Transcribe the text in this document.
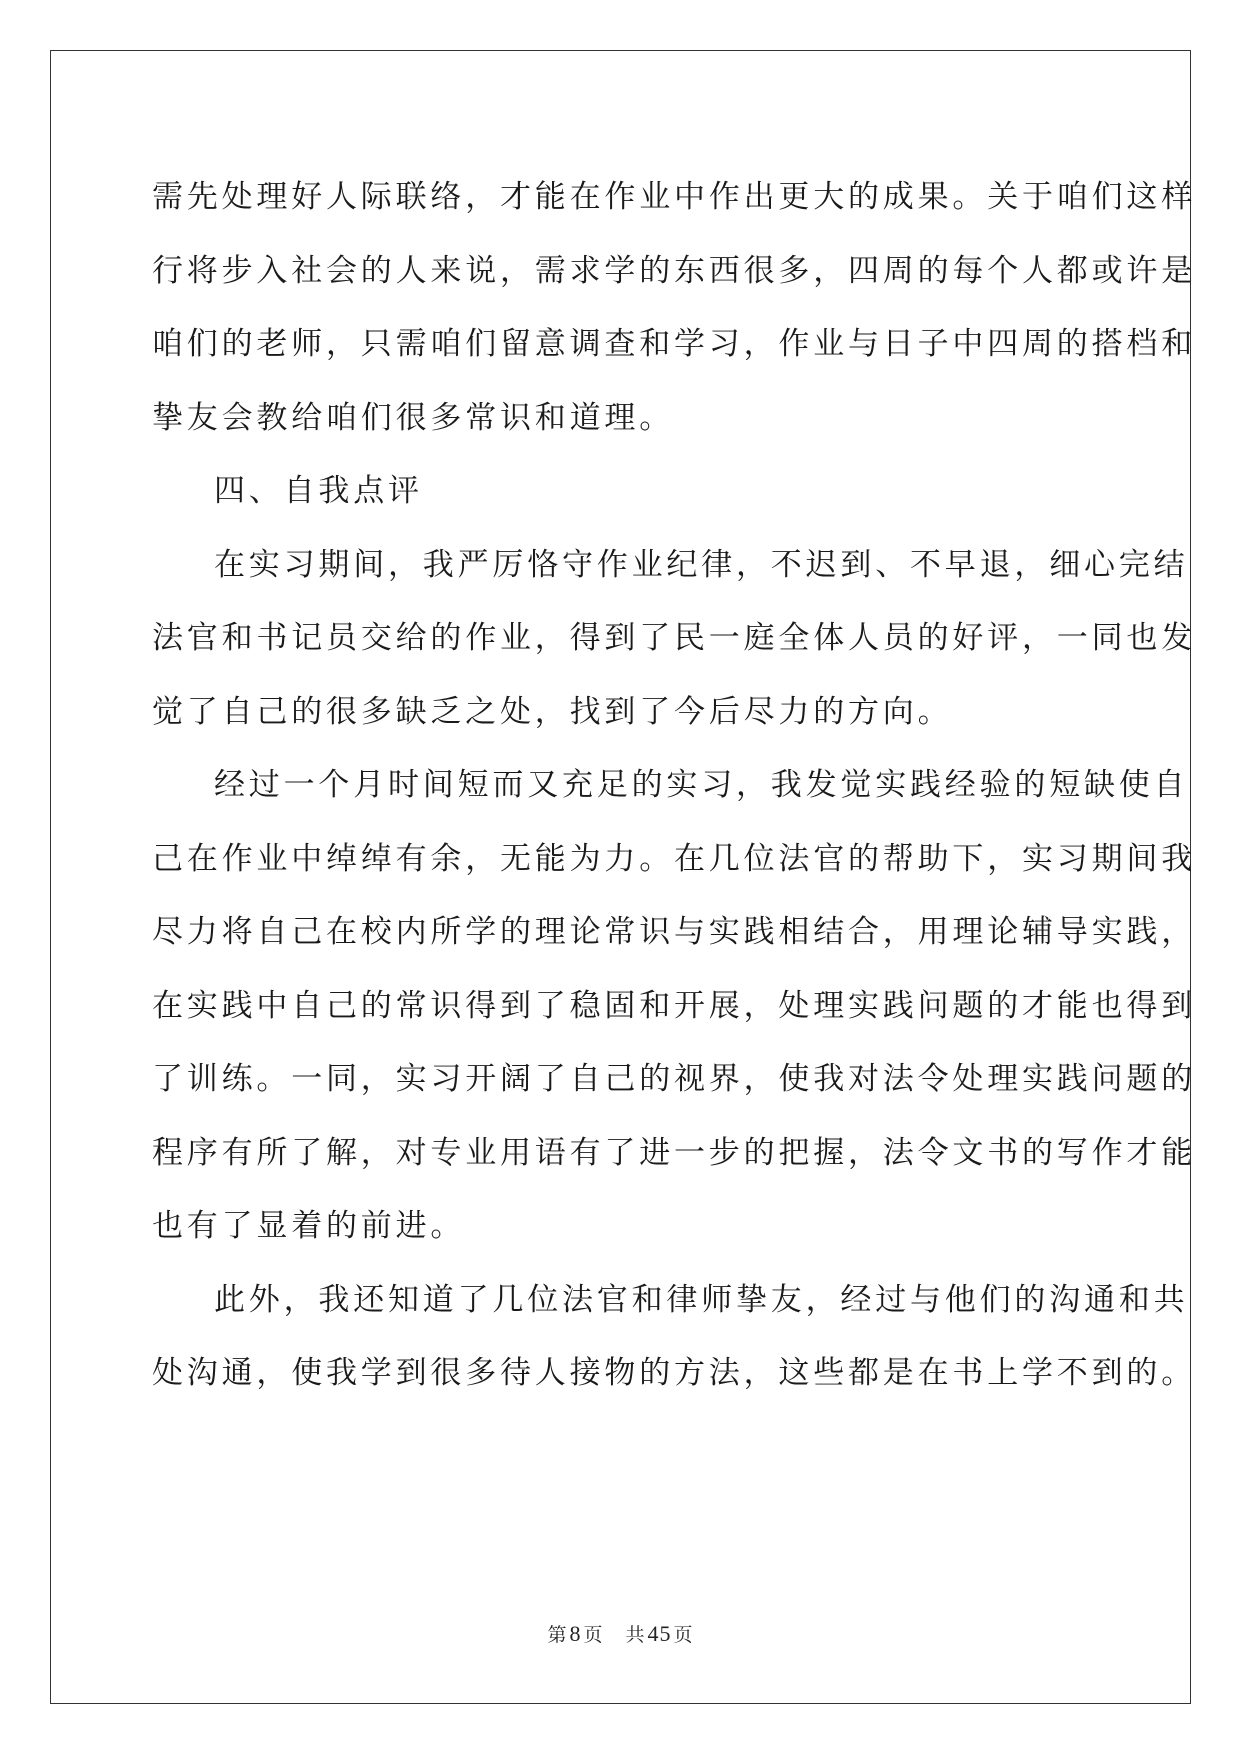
需先处理好人际联络，才能在作业中作出更大的成果。关于咱们这样
行将步入社会的人来说，需求学的东西很多，四周的每个人都或许是
咱们的老师，只需咱们留意调查和学习，作业与日子中四周的搭档和
挚友会教给咱们很多常识和道理。
四、自我点评
在实习期间，我严厉恪守作业纪律，不迟到、不早退，细心完结
法官和书记员交给的作业，得到了民一庭全体人员的好评，一同也发
觉了自己的很多缺乏之处，找到了今后尽力的方向。
经过一个月时间短而又充足的实习，我发觉实践经验的短缺使自
己在作业中绰绰有余，无能为力。在几位法官的帮助下，实习期间我
尽力将自己在校内所学的理论常识与实践相结合，用理论辅导实践，
在实践中自己的常识得到了稳固和开展，处理实践问题的才能也得到
了训练。一同，实习开阔了自己的视界，使我对法令处理实践问题的
程序有所了解，对专业用语有了进一步的把握，法令文书的写作才能
也有了显着的前进。
此外，我还知道了几位法官和律师挚友，经过与他们的沟通和共
处沟通，使我学到很多待人接物的方法，这些都是在书上学不到的。
第8 页 共45 页
